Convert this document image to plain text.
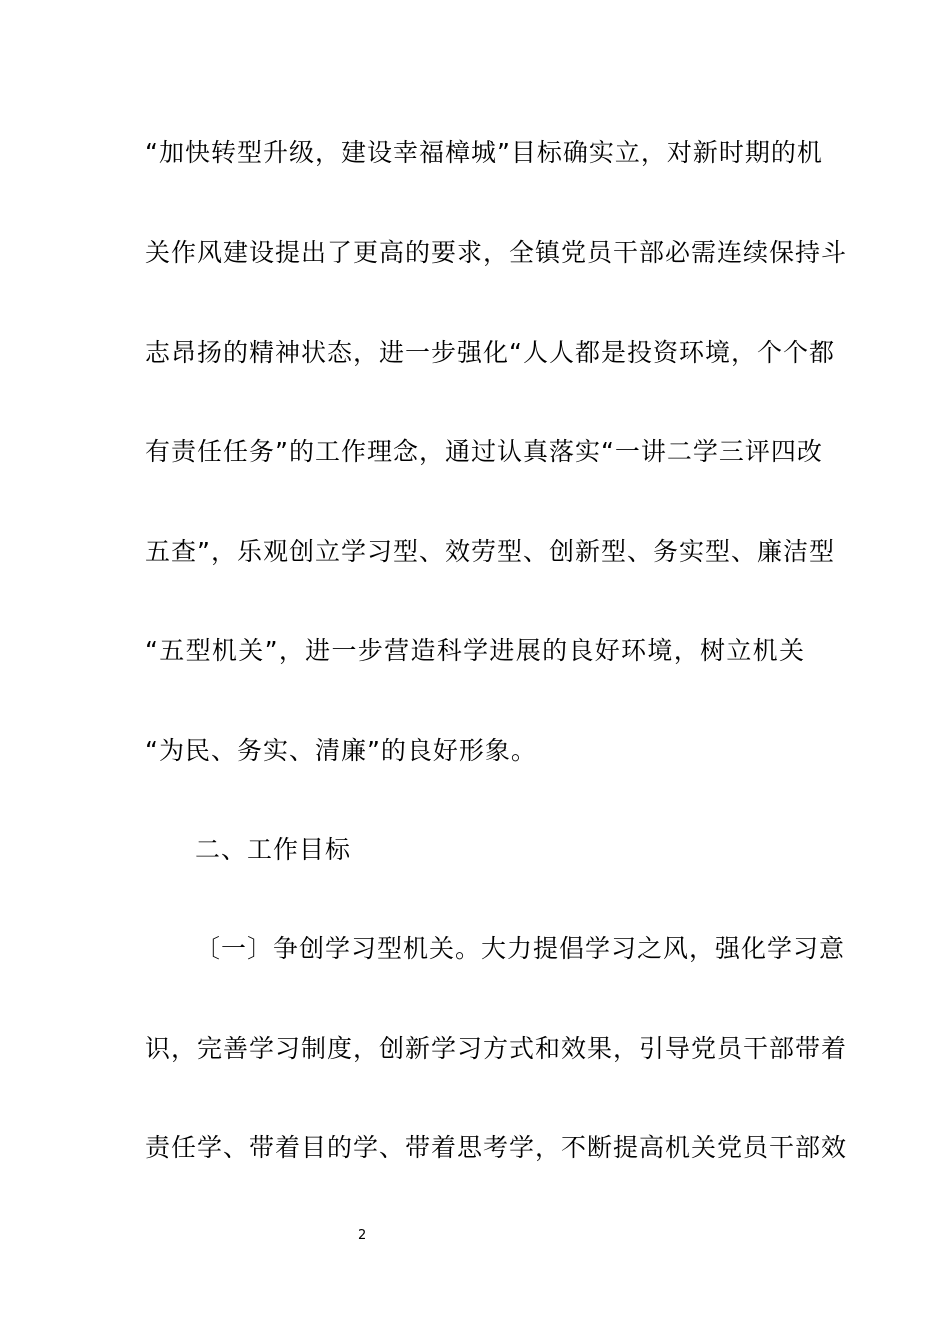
“加快转型升级，建设幸福樟城”目标确实立，对新时期的机
关作风建设提出了更高的要求，全镇党员干部必需连续保持斗
志昂扬的精神状态，进一步强化“人人都是投资环境，个个都
有责任任务”的工作理念，通过认真落实“一讲二学三评四改
五查”，乐观创立学习型、效劳型、创新型、务实型、廉洁型
“五型机关”，进一步营造科学进展的良好环境，树立机关
“为民、务实、清廉”的良好形象。
二、工作目标
〔一〕争创学习型机关。大力提倡学习之风，强化学习意
识，完善学习制度，创新学习方式和效果，引导党员干部带着
责任学、带着目的学、带着思考学，不断提高机关党员干部效
2
